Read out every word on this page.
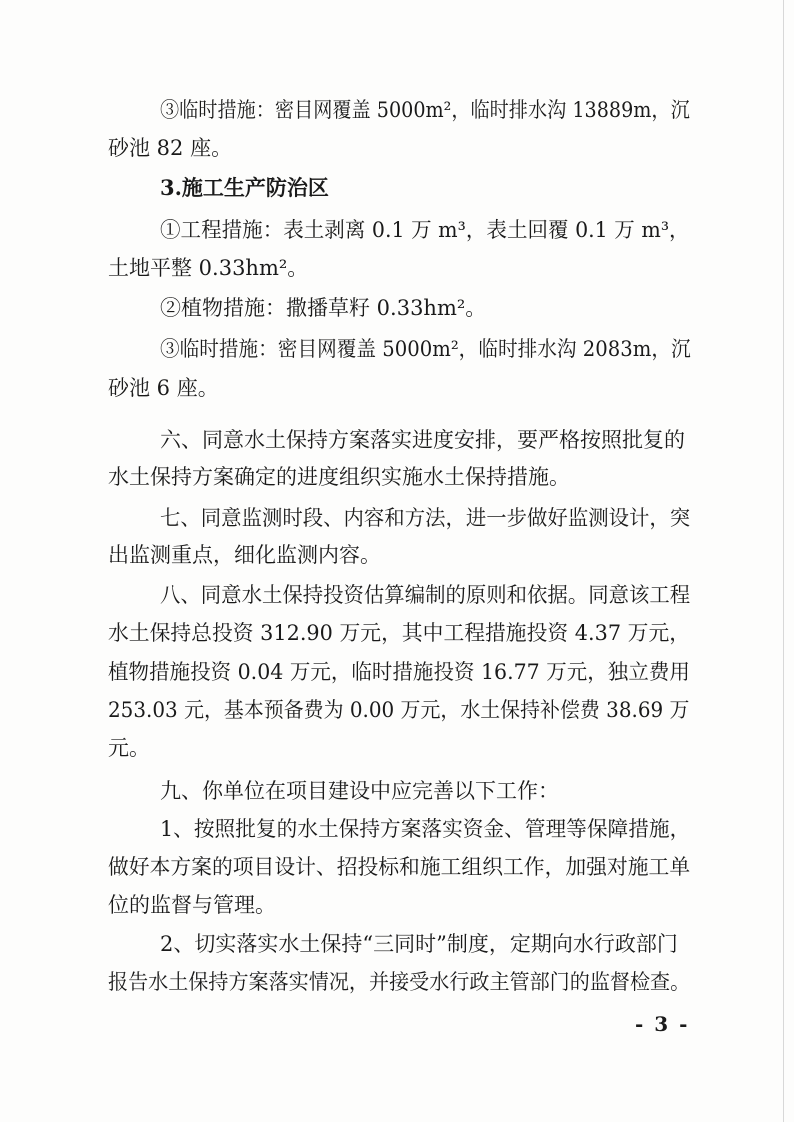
③临时措施：密目网覆盖 5000m²，临时排水沟 13889m，沉
砂池 82 座。
3.施工生产防治区
①工程措施：表土剥离 0.1 万 m³，表土回覆 0.1 万 m³，
土地平整 0.33hm²。
②植物措施：撒播草籽 0.33hm²。
③临时措施：密目网覆盖 5000m²，临时排水沟 2083m，沉
砂池 6 座。
六、同意水土保持方案落实进度安排，要严格按照批复的
水土保持方案确定的进度组织实施水土保持措施。
七、同意监测时段、内容和方法，进一步做好监测设计，突
出监测重点，细化监测内容。
八、同意水土保持投资估算编制的原则和依据。同意该工程
水土保持总投资 312.90 万元，其中工程措施投资 4.37 万元，
植物措施投资 0.04 万元，临时措施投资 16.77 万元，独立费用
253.03 元，基本预备费为 0.00 万元，水土保持补偿费 38.69 万
元。
九、你单位在项目建设中应完善以下工作：
1、按照批复的水土保持方案落实资金、管理等保障措施，
做好本方案的项目设计、招投标和施工组织工作，加强对施工单
位的监督与管理。
2、切实落实水土保持“三同时”制度，定期向水行政部门
报告水土保持方案落实情况，并接受水行政主管部门的监督检查。
- 3 -
